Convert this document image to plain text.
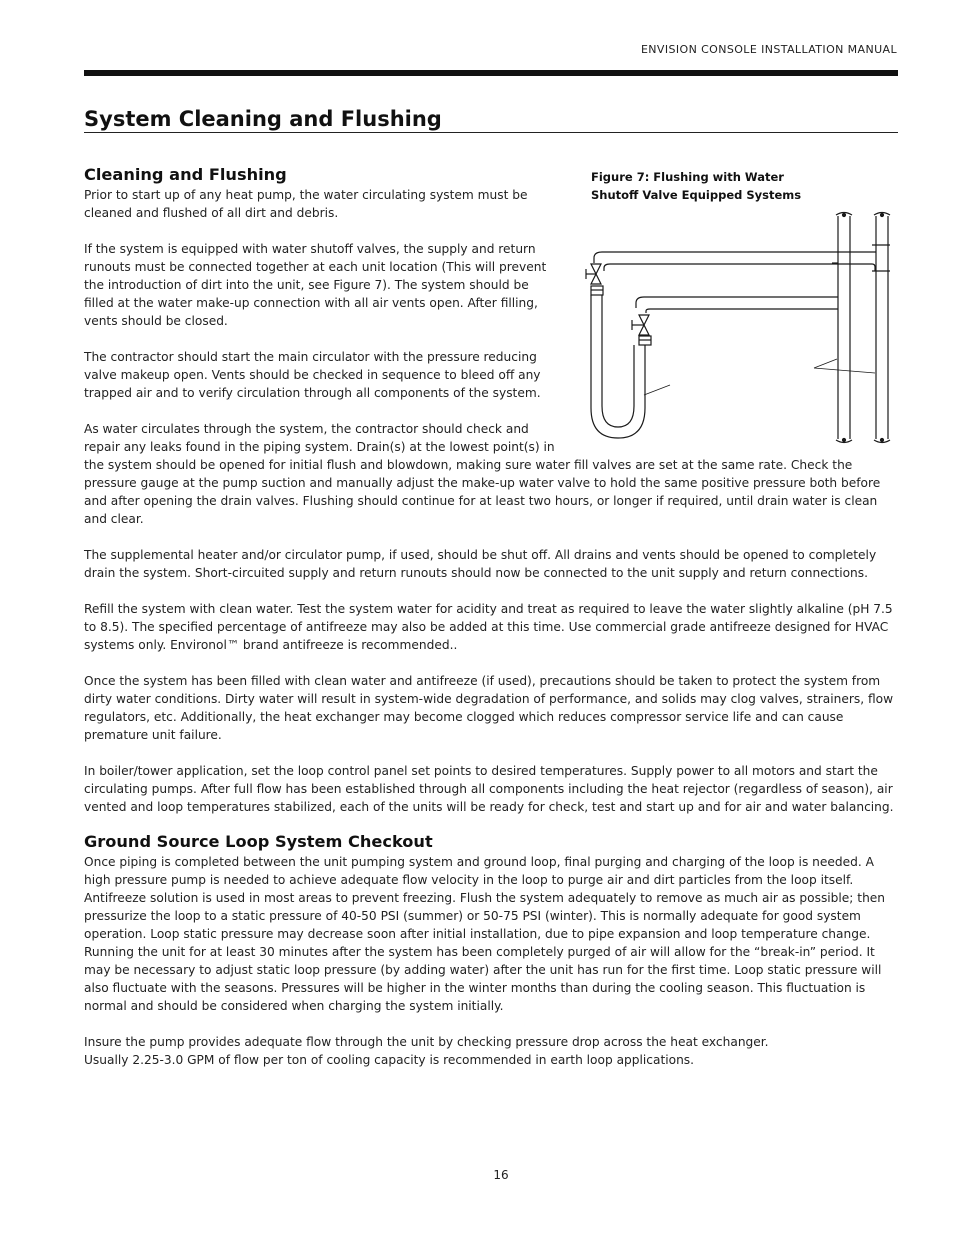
ENVISION CONSOLE INSTALLATION MANUAL
System Cleaning and Flushing
Figure 7: Flushing with Water
Shutoff Valve Equipped Systems
Cleaning and Flushing

Prior to start up of any heat pump, the water circulating system must be cleaned and flushed of all dirt and debris.

If the system is equipped with water shutoff valves, the supply and return runouts must be connected together at each unit location (This will prevent the introduction of dirt into the unit, see Figure 7). The system should be filled at the water make-up connection with all air vents open. After filling, vents should be closed.

The contractor should start the main circulator with the pressure reducing valve makeup open. Vents should be checked in sequence to bleed off any trapped air and to verify circulation through all components of the system.

As water circulates through the system, the contractor should check and repair any leaks found in the piping system. Drain(s) at the lowest point(s) in the system should be opened for initial flush and blowdown, making sure water fill valves are set at the same rate. Check the pressure gauge at the pump suction and manually adjust the make-up water valve to hold the same positive pressure both before and after opening the drain valves. Flushing should continue for at least two hours, or longer if required, until drain water is clean and clear.

The supplemental heater and/or circulator pump, if used, should be shut off. All drains and vents should be opened to completely drain the system. Short-circuited supply and return runouts should now be connected to the unit supply and return connections.

Refill the system with clean water. Test the system water for acidity and treat as required to leave the water slightly alkaline (pH 7.5 to 8.5). The specified percentage of antifreeze may also be added at this time. Use commercial grade antifreeze designed for HVAC systems only. Environol™ brand antifreeze is recommended..

Once the system has been filled with clean water and antifreeze (if used), precautions should be taken to protect the system from dirty water conditions. Dirty water will result in system-wide degradation of performance, and solids may clog valves, strainers, flow regulators, etc. Additionally, the heat exchanger may become clogged which reduces compressor service life and can cause premature unit failure.

In boiler/tower application, set the loop control panel set points to desired temperatures. Supply power to all motors and start the circulating pumps. After full flow has been established through all components including the heat rejector (regardless of season), air vented and loop temperatures stabilized, each of the units will be ready for check, test and start up and for air and water balancing.

Ground Source Loop System Checkout

Once piping is completed between the unit pumping system and ground loop, final purging and charging of the loop is needed. A high pressure pump is needed to achieve adequate flow velocity in the loop to purge air and dirt particles from the loop itself. Antifreeze solution is used in most areas to prevent freezing. Flush the system adequately to remove as much air as possible; then pressurize the loop to a static pressure of 40-50 PSI (summer) or 50-75 PSI (winter). This is normally adequate for good system operation. Loop static pressure may decrease soon after initial installation, due to pipe expansion and loop temperature change. Running the unit for at least 30 minutes after the system has been completely purged of air will allow for the “break-in” period. It may be necessary to adjust static loop pressure (by adding water) after the unit has run for the first time. Loop static pressure will also fluctuate with the seasons. Pressures will be higher in the winter months than during the cooling season. This fluctuation is normal and should be considered when charging the system initially.

Insure the pump provides adequate flow through the unit by checking pressure drop across the heat exchanger.

Usually 2.25-3.0 GPM of flow per ton of cooling capacity is recommended in earth loop applications.

16
